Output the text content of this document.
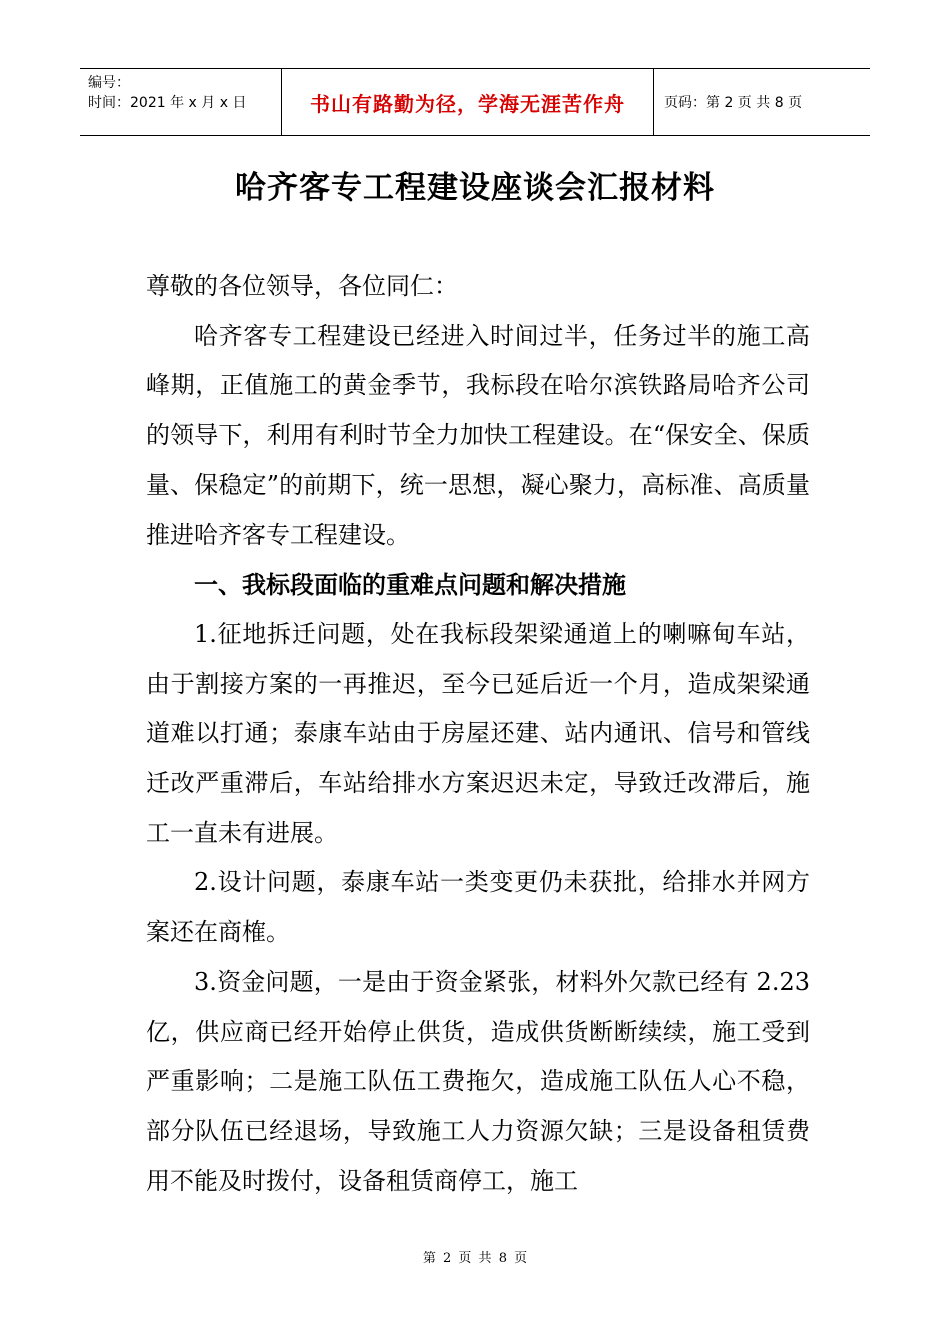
编号：
时间：2021 年 x 月 x 日	书山有路勤为径，学海无涯苦作舟	页码：第 2 页 共 8 页
哈齐客专工程建设座谈会汇报材料

尊敬的各位领导，各位同仁：

哈齐客专工程建设已经进入时间过半，任务过半的施工高峰期，正值施工的黄金季节，我标段在哈尔滨铁路局哈齐公司的领导下，利用有利时节全力加快工程建设。在“保安全、保质量、保稳定”的前期下，统一思想，凝心聚力，高标准、高质量推进哈齐客专工程建设。

一、我标段面临的重难点问题和解决措施

1.征地拆迁问题，处在我标段架梁通道上的喇嘛甸车站，由于割接方案的一再推迟，至今已延后近一个月，造成架梁通道难以打通；泰康车站由于房屋还建、站内通讯、信号和管线迁改严重滞后，车站给排水方案迟迟未定，导致迁改滞后，施工一直未有进展。

2.设计问题，泰康车站一类变更仍未获批，给排水并网方案还在商榷。

3.资金问题，一是由于资金紧张，材料外欠款已经有 2.23 亿，供应商已经开始停止供货，造成供货断断续续，施工受到严重影响；二是施工队伍工费拖欠，造成施工队伍人心不稳，部分队伍已经退场，导致施工人力资源欠缺；三是设备租赁费用不能及时拨付，设备租赁商停工，施工

第 2 页 共 8 页
